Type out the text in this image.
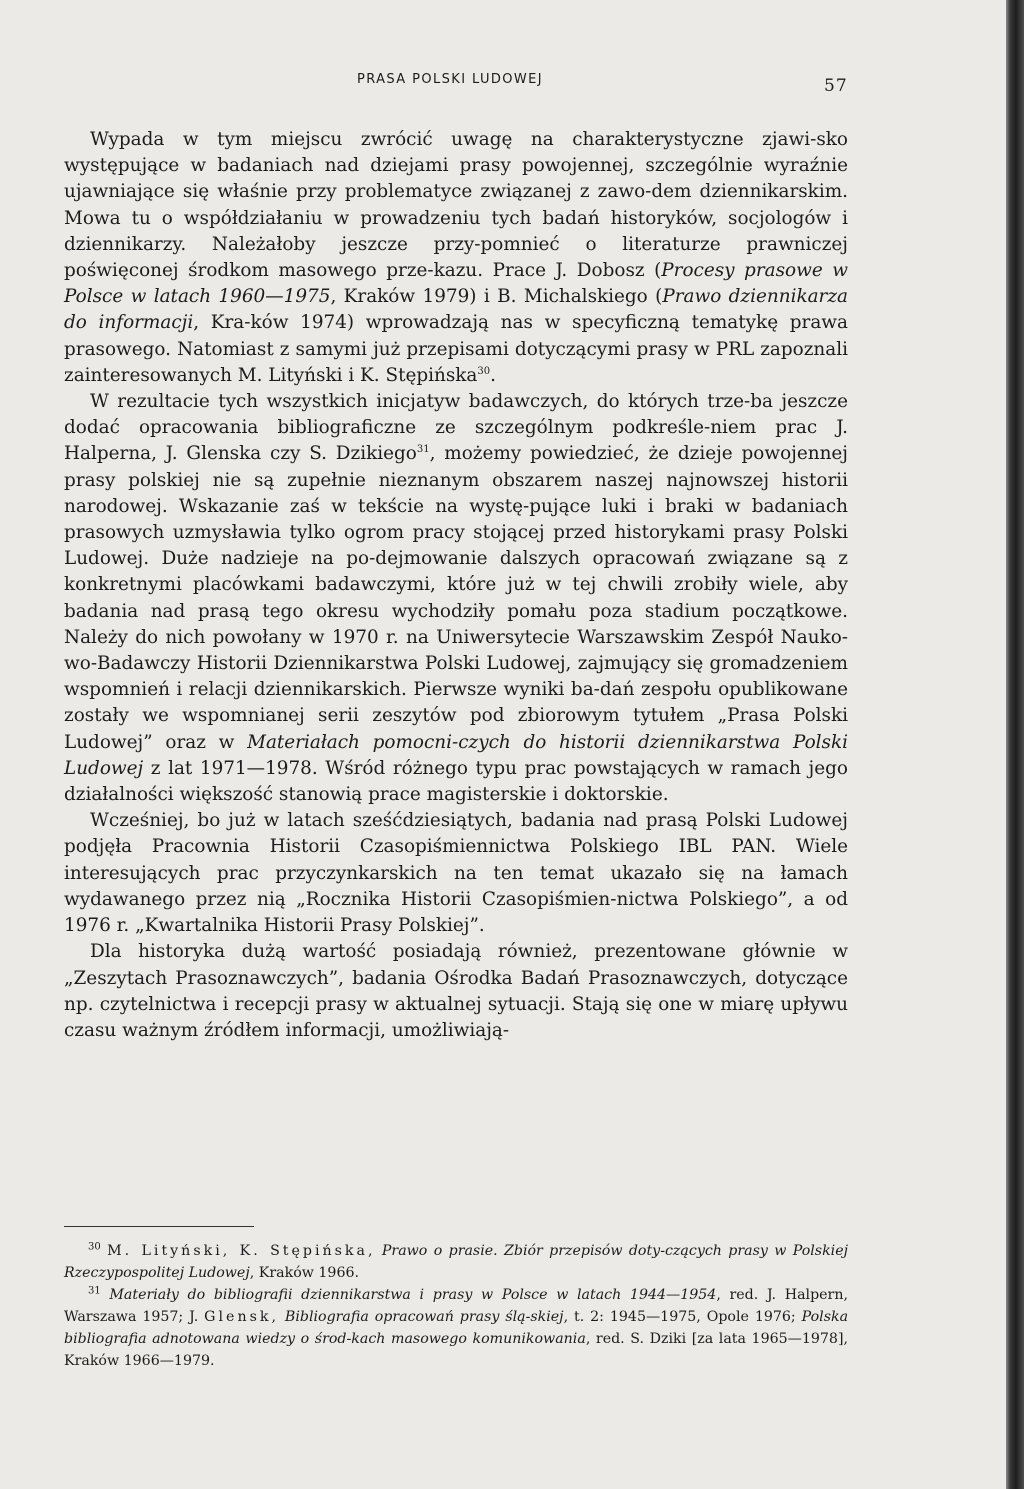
PRASA POLSKI LUDOWEJ	57

Wypada w tym miejscu zwrócić uwagę na charakterystyczne zjawi-sko występujące w badaniach nad dziejami prasy powojennej, szczególnie wyraźnie ujawniające się właśnie przy problematyce związanej z zawo-dem dziennikarskim. Mowa tu o współdziałaniu w prowadzeniu tych badań historyków, socjologów i dziennikarzy. Należałoby jeszcze przy-pomnieć o literaturze prawniczej poświęconej środkom masowego prze-kazu. Prace J. Dobosz (Procesy prasowe w Polsce w latach 1960—1975, Kraków 1979) i B. Michalskiego (Prawo dziennikarza do informacji, Kra-ków 1974) wprowadzają nas w specyficzną tematykę prawa prasowego. Natomiast z samymi już przepisami dotyczącymi prasy w PRL zapoznali zainteresowanych M. Lityński i K. Stępińska$^{30}$.

W rezultacie tych wszystkich inicjatyw badawczych, do których trze-ba jeszcze dodać opracowania bibliograficzne ze szczególnym podkreśle-niem prac J. Halperna, J. Glenska czy S. Dzikiego$^{31}$, możemy powiedzieć, że dzieje powojennej prasy polskiej nie są zupełnie nieznanym obszarem naszej najnowszej historii narodowej. Wskazanie zaś w tekście na wystę-pujące luki i braki w badaniach prasowych uzmysławia tylko ogrom pracy stojącej przed historykami prasy Polski Ludowej. Duże nadzieje na po-dejmowanie dalszych opracowań związane są z konkretnymi placówkami badawczymi, które już w tej chwili zrobiły wiele, aby badania nad prasą tego okresu wychodziły pomału poza stadium początkowe. Należy do nich powołany w 1970 r. na Uniwersytecie Warszawskim Zespół Nauko-wo-Badawczy Historii Dziennikarstwa Polski Ludowej, zajmujący się gromadzeniem wspomnień i relacji dziennikarskich. Pierwsze wyniki ba-dań zespołu opublikowane zostały we wspomnianej serii zeszytów pod zbiorowym tytułem „Prasa Polski Ludowej” oraz w Materiałach pomocni-czych do historii dziennikarstwa Polski Ludowej z lat 1971—1978. Wśród różnego typu prac powstających w ramach jego działalności większość stanowią prace magisterskie i doktorskie.

Wcześniej, bo już w latach sześćdziesiątych, badania nad prasą Polski Ludowej podjęła Pracownia Historii Czasopiśmiennictwa Polskiego IBL PAN. Wiele interesujących prac przyczynkarskich na ten temat ukazało się na łamach wydawanego przez nią „Rocznika Historii Czasopiśmien-nictwa Polskiego”, a od 1976 r. „Kwartalnika Historii Prasy Polskiej”.

Dla historyka dużą wartość posiadają również, prezentowane głównie w „Zeszytach Prasoznawczych”, badania Ośrodka Badań Prasoznawczych, dotyczące np. czytelnictwa i recepcji prasy w aktualnej sytuacji. Stają się one w miarę upływu czasu ważnym źródłem informacji, umożliwiają-

$^{30}$ M. Lityński, K. Stępińska, Prawo o prasie. Zbiór przepisów doty-czących prasy w Polskiej Rzeczypospolitej Ludowej, Kraków 1966.

$^{31}$ Materiały do bibliografii dziennikarstwa i prasy w Polsce w latach 1944—1954, red. J. Halpern, Warszawa 1957; J. Glensk, Bibliografia opracowań prasy ślą-skiej, t. 2: 1945—1975, Opole 1976; Polska bibliografia adnotowana wiedzy o środ-kach masowego komunikowania, red. S. Dziki [za lata 1965—1978], Kraków 1966—1979.
